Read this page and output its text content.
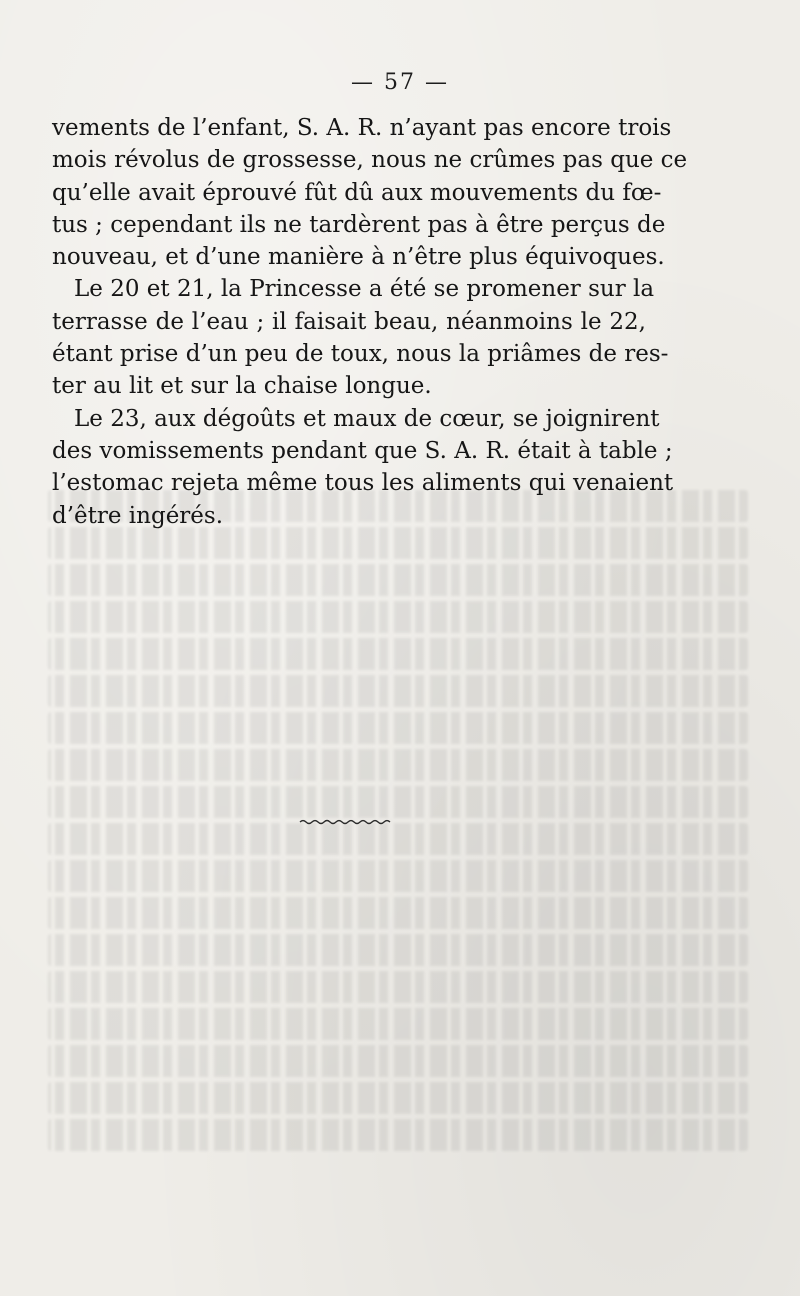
— 57 —

vements de l’enfant, S. A. R. n’ayant pas encore trois
mois révolus de grossesse, nous ne crûmes pas que ce
qu’elle avait éprouvé fût dû aux mouvements du fœ-
tus ; cependant ils ne tardèrent pas à être perçus de
nouveau, et d’une manière à n’être plus équivoques.

Le 20 et 21, la Princesse a été se promener sur la
terrasse de l’eau ; il faisait beau, néanmoins le 22,
étant prise d’un peu de toux, nous la priâmes de res-
ter au lit et sur la chaise longue.

Le 23, aux dégoûts et maux de cœur, se joignirent
des vomissements pendant que S. A. R. était à table ;
l’estomac rejeta même tous les aliments qui venaient
d’être ingérés.
